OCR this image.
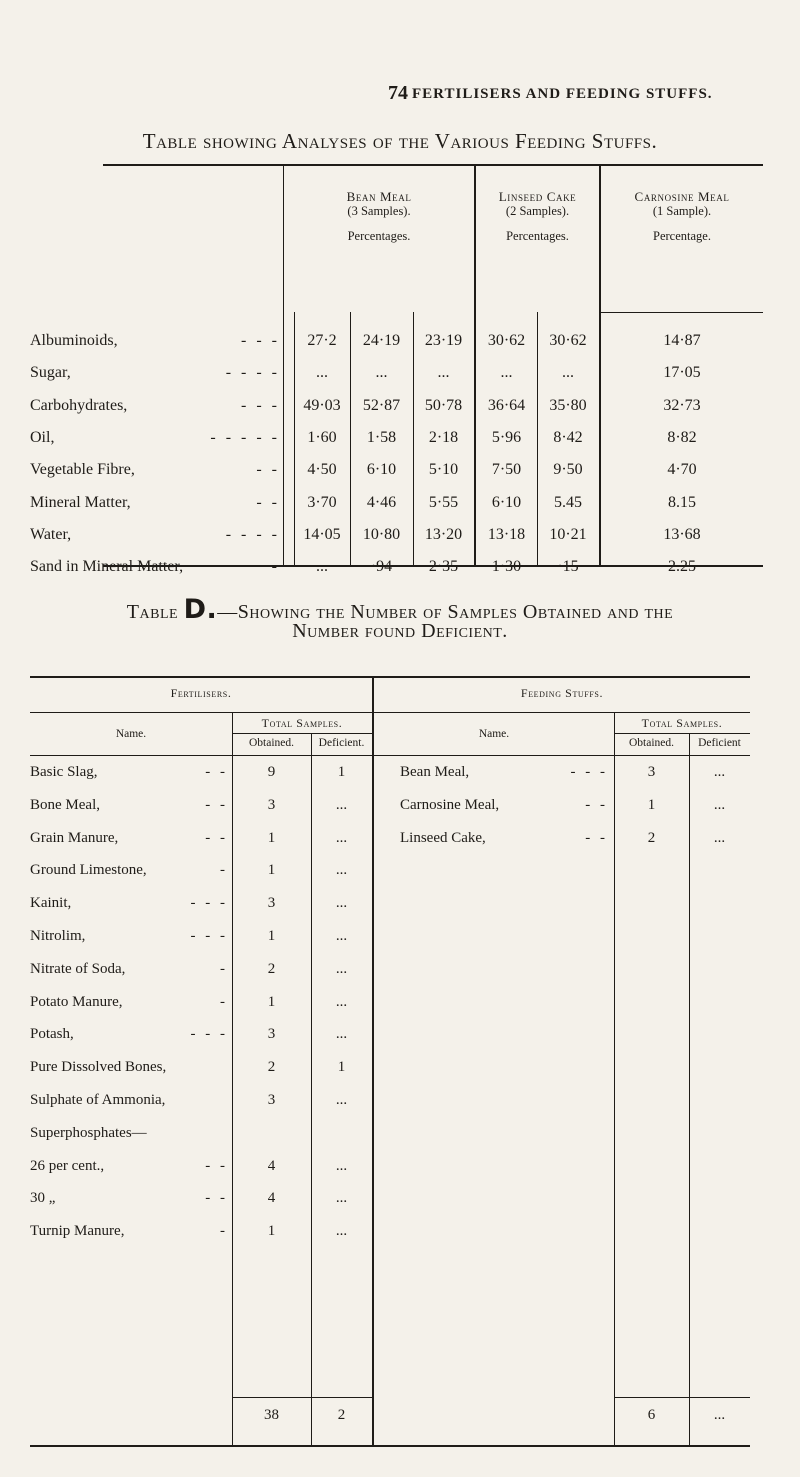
74 FERTILISERS AND FEEDING STUFFS.
Table showing Analyses of the Various Feeding Stuffs.
Bean Meal
(3 Samples).
Percentages.
Linseed Cake
(2 Samples).
Percentages.
Carnosine Meal
(1 Sample).
Percentage.
Albuminoids,	- - -	27·2	24·19	23·19	30·62	30·62	14·87
Sugar,	- - - -	...	...	...	...	...	17·05
Carbohydrates,	- - -	49·03	52·87	50·78	36·64	35·80	32·73
Oil,	- - - - -	1·60	1·58	2·18	5·96	8·42	8·82
Vegetable Fibre,	- -	4·50	6·10	5·10	7·50	9·50	4·70
Mineral Matter,	- -	3·70	4·46	5·55	6·10	5.45	8.15
Water,	- - - -	14·05	10·80	13·20	13·18	10·21	13·68
Sand in Mineral Matter,	-	...	·94	2·35	1·30	·15	2.25
Table D.—Showing the Number of Samples Obtained and the
Number found Deficient.
Fertilisers.	Feeding Stuffs.
Name.
Total Samples.
Obtained.	Deficient.
Name.
Total Samples.
Obtained.	Deficient
Basic Slag,	- -	9	1
Bone Meal,	- -	3	...
Grain Manure,	- -	1	...
Ground Limestone,	-	1	...
Kainit,	- - -	3	...
Nitrolim,	- - -	1	...
Nitrate of Soda,	-	2	...
Potato Manure,	-	1	...
Potash,	- - -	3	...
Pure Dissolved Bones,	2	1
Sulphate of Ammonia,	3	...
Superphosphates—
26 per cent.,	- -	4	...
30 „	- -	4	...
Turnip Manure,	-	1	...
Bean Meal,	- - -	3	...
Carnosine Meal,	- -	1	...
Linseed Cake,	- -	2	...
38	2	6	...
